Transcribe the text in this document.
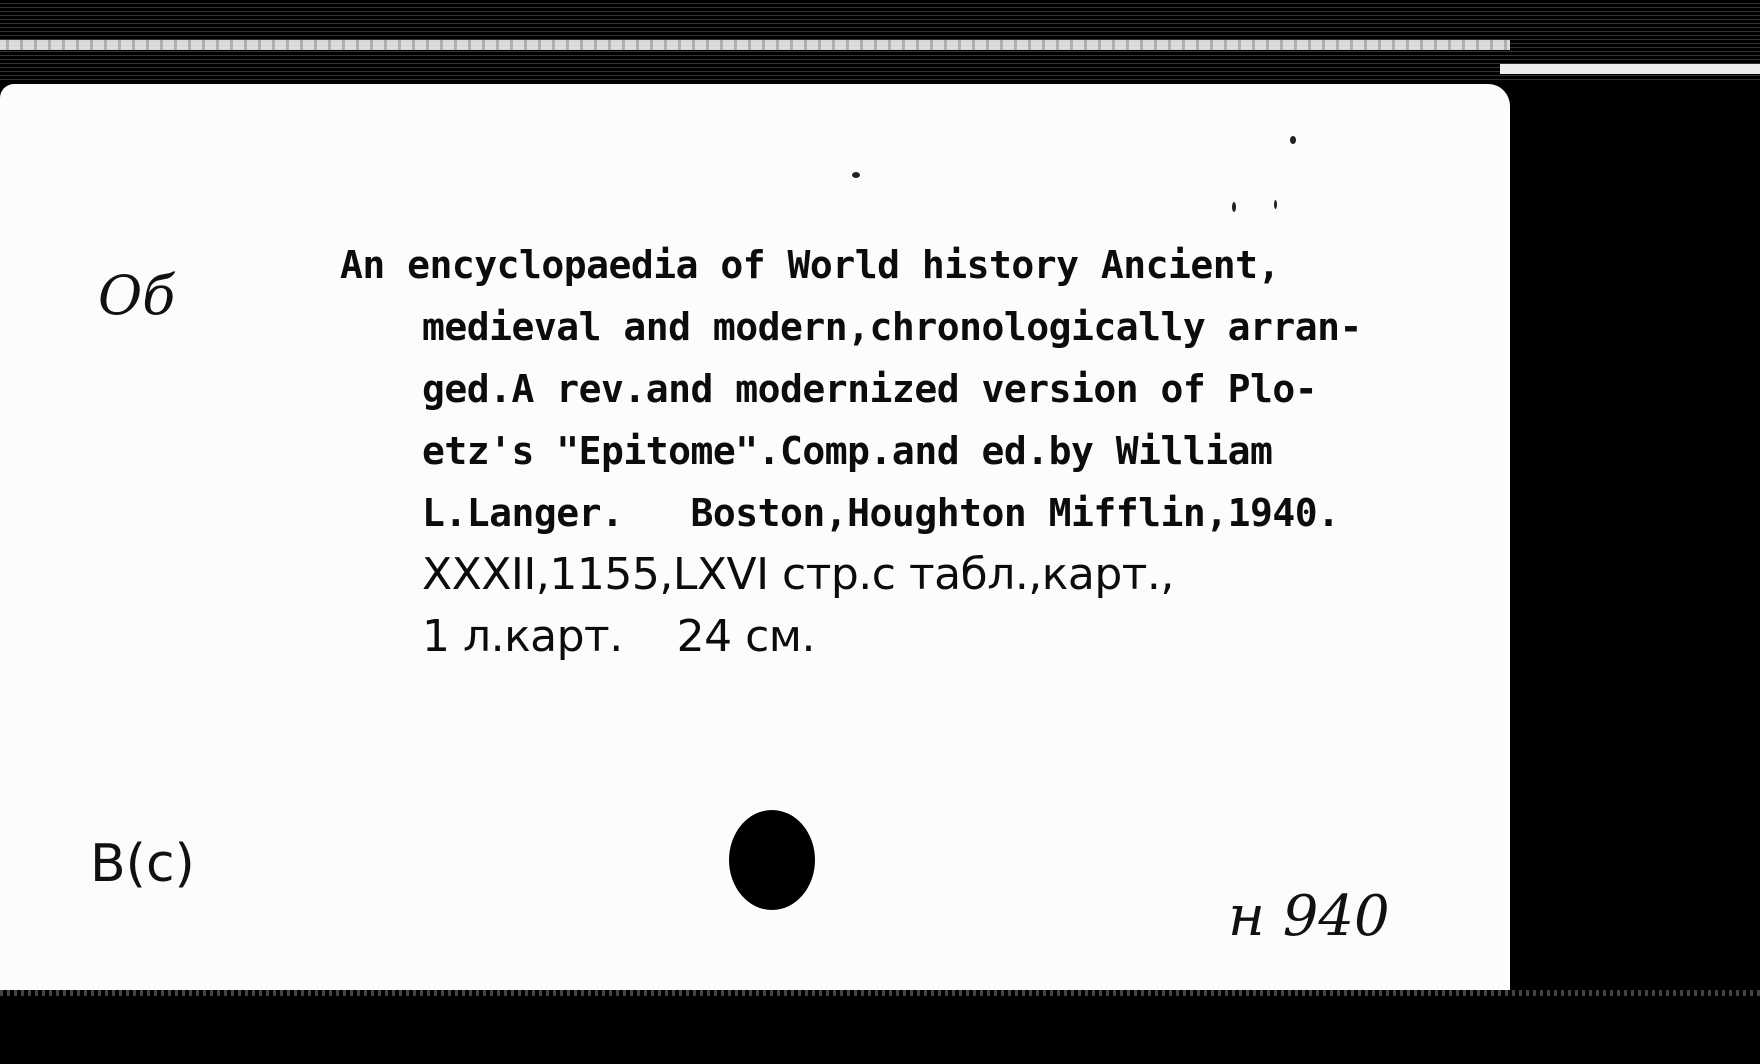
Об	An encyclopaedia of World history Ancient,
medieval and modern,chronologically arran-
ged.A rev.and modernized version of Plo-
etz's "Epitome".Comp.and ed.by William
L.Langer.   Boston,Houghton Mifflin,1940.
XXXII,1155,LXVI стр.с табл.,карт.,
1 л.карт.    24 см.
B(c)
н 940
